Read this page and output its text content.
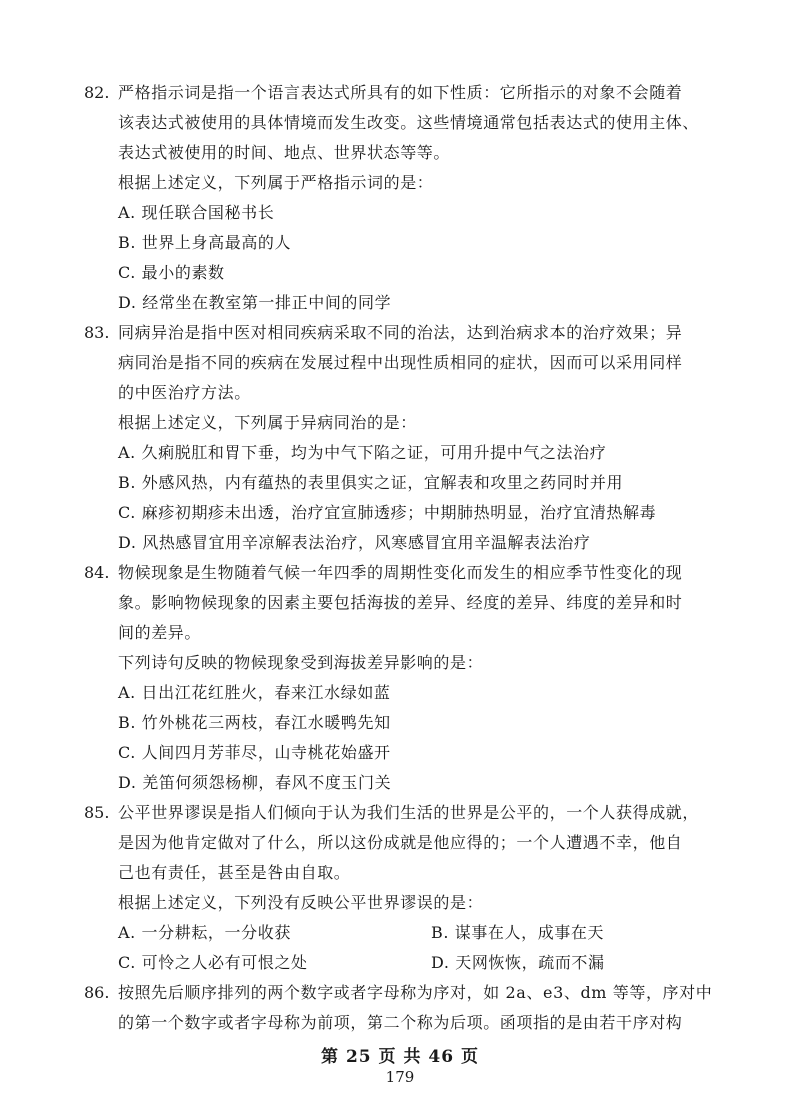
82. 严格指示词是指一个语言表达式所具有的如下性质：它所指示的对象不会随着
该表达式被使用的具体情境而发生改变。这些情境通常包括表达式的使用主体、
表达式被使用的时间、地点、世界状态等等。
根据上述定义，下列属于严格指示词的是：
A. 现任联合国秘书长
B. 世界上身高最高的人
C. 最小的素数
D. 经常坐在教室第一排正中间的同学
83. 同病异治是指中医对相同疾病采取不同的治法，达到治病求本的治疗效果；异
病同治是指不同的疾病在发展过程中出现性质相同的症状，因而可以采用同样
的中医治疗方法。
根据上述定义，下列属于异病同治的是：
A. 久痢脱肛和胃下垂，均为中气下陷之证，可用升提中气之法治疗
B. 外感风热，内有蕴热的表里俱实之证，宜解表和攻里之药同时并用
C. 麻疹初期疹未出透，治疗宜宣肺透疹；中期肺热明显，治疗宜清热解毒
D. 风热感冒宜用辛凉解表法治疗，风寒感冒宜用辛温解表法治疗
84. 物候现象是生物随着气候一年四季的周期性变化而发生的相应季节性变化的现
象。影响物候现象的因素主要包括海拔的差异、经度的差异、纬度的差异和时
间的差异。
下列诗句反映的物候现象受到海拔差异影响的是：
A. 日出江花红胜火，春来江水绿如蓝
B. 竹外桃花三两枝，春江水暖鸭先知
C. 人间四月芳菲尽，山寺桃花始盛开
D. 羌笛何须怨杨柳，春风不度玉门关
85. 公平世界谬误是指人们倾向于认为我们生活的世界是公平的，一个人获得成就，
是因为他肯定做对了什么，所以这份成就是他应得的；一个人遭遇不幸，他自
己也有责任，甚至是咎由自取。
根据上述定义，下列没有反映公平世界谬误的是：
A. 一分耕耘，一分收获	B. 谋事在人，成事在天
C. 可怜之人必有可恨之处	D. 天网恢恢，疏而不漏
86. 按照先后顺序排列的两个数字或者字母称为序对，如 2a、e3、dm 等等，序对中
的第一个数字或者字母称为前项，第二个称为后项。函项指的是由若干序对构
第 25 页 共 46 页
179
